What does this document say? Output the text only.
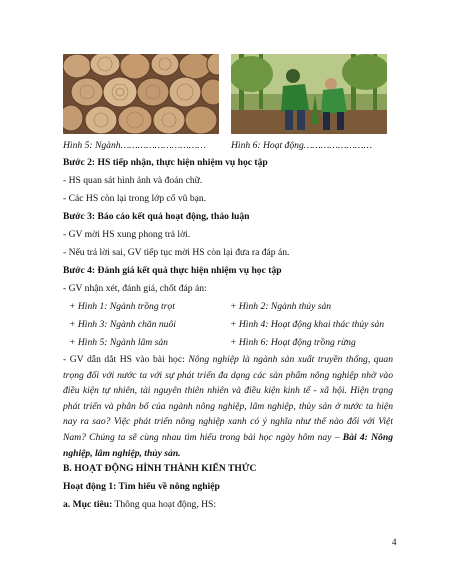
Hình 5: Ngành…………………………	Hình 6: Hoạt động……………………
Bước 2: HS tiếp nhận, thực hiện nhiệm vụ học tập
- HS quan sát hình ảnh và đoán chữ.
- Các HS còn lại trong lớp cổ vũ bạn.
Bước 3: Báo cáo kết quả hoạt động, thảo luận
- GV mời HS xung phong trả lời.
- Nếu trả lời sai, GV tiếp tục mời HS còn lại đưa ra đáp án.
Bước 4: Đánh giá kết quả thực hiện nhiệm vụ học tập
- GV nhận xét, đánh giá, chốt đáp án:
+ Hình 1: Ngành trồng trọt	+ Hình 2: Ngành thủy sản
+ Hình 3: Ngành chăn nuôi	+ Hình 4: Hoạt động khai thác thủy sản
+ Hình 5: Ngành lâm sản	+ Hình 6: Hoạt động trồng rừng
- GV dẫn dắt HS vào bài học: Nông nghiệp là ngành sản xuất truyền thống, quan trọng đối với nước ta với sự phát triển đa dạng các sản phẩm nông nghiệp nhờ vào điều kiện tự nhiên, tài nguyên thiên nhiên và điều kiện kinh tế - xã hội. Hiện trạng phát triển và phân bố của ngành nông nghiệp, lâm nghiệp, thủy sản ở nước ta hiện nay ra sao? Việc phát triển nông nghiệp xanh có ý nghĩa như thế nào đối với Việt Nam? Chúng ta sẽ cùng nhau tìm hiểu trong bài học ngày hôm nay – Bài 4: Nông nghiệp, lâm nghiệp, thủy sản.
B. HOẠT ĐỘNG HÌNH THÀNH KIẾN THỨC
Hoạt động 1: Tìm hiểu về nông nghiệp
a. Mục tiêu: Thông qua hoạt động, HS:
4
